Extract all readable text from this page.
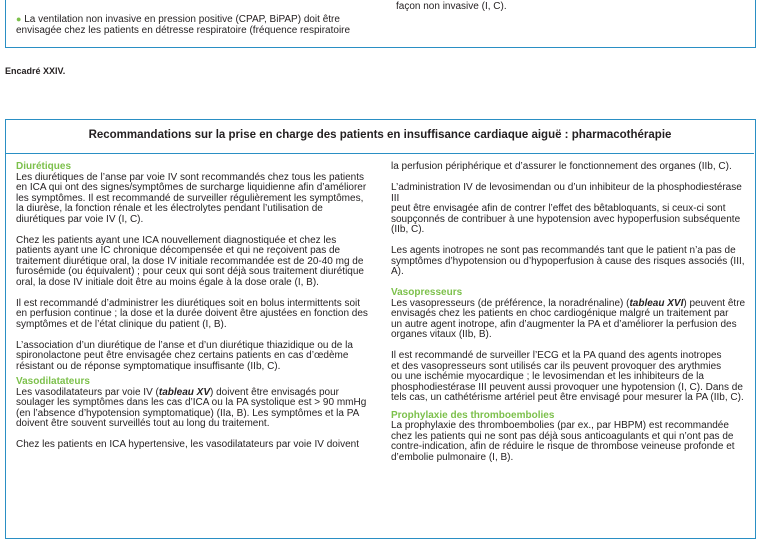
● La ventilation non invasive en pression positive (CPAP, BiPAP) doit être
envisagée chez les patients en détresse respiratoire (fréquence respiratoire

façon non invasive (I, C).

Encadré XXIV.
Recommandations sur la prise en charge des patients en insuffisance cardiaque aiguë : pharmacothérapie

Diurétiques

Les diurétiques de l’anse par voie IV sont recommandés chez tous les patients
en ICA qui ont des signes/symptômes de surcharge liquidienne afin d’améliorer
les symptômes. Il est recommandé de surveiller régulièrement les symptômes,
la diurèse, la fonction rénale et les électrolytes pendant l’utilisation de
diurétiques par voie IV (I, C).

Chez les patients ayant une ICA nouvellement diagnostiquée et chez les
patients ayant une IC chronique décompensée et qui ne reçoivent pas de
traitement diurétique oral, la dose IV initiale recommandée est de 20-40 mg de
furosémide (ou équivalent) ; pour ceux qui sont déjà sous traitement diurétique
oral, la dose IV initiale doit être au moins égale à la dose orale (I, B).

Il est recommandé d’administrer les diurétiques soit en bolus intermittents soit
en perfusion continue ; la dose et la durée doivent être ajustées en fonction des
symptômes et de l’état clinique du patient (I, B).

L’association d’un diurétique de l’anse et d’un diurétique thiazidique ou de la
spironolactone peut être envisagée chez certains patients en cas d’œdème
résistant ou de réponse symptomatique insuffisante (IIb, C).

Vasodilatateurs

Les vasodilatateurs par voie IV (tableau XV) doivent être envisagés pour
soulager les symptômes dans les cas d’ICA ou la PA systolique est > 90 mmHg
(en l’absence d’hypotension symptomatique) (IIa, B). Les symptômes et la PA
doivent être souvent surveillés tout au long du traitement.

Chez les patients en ICA hypertensive, les vasodilatateurs par voie IV doivent

la perfusion périphérique et d’assurer le fonctionnement des organes (IIb, C).

L’administration IV de levosimendan ou d’un inhibiteur de la phosphodiestérase III
peut être envisagée afin de contrer l’effet des bêtabloquants, si ceux-ci sont
soupçonnés de contribuer à une hypotension avec hypoperfusion subséquente
(IIb, C).

Les agents inotropes ne sont pas recommandés tant que le patient n’a pas de
symptômes d’hypotension ou d’hypoperfusion à cause des risques associés (III, A).

Vasopresseurs

Les vasopresseurs (de préférence, la noradrénaline) (tableau XVI) peuvent être
envisagés chez les patients en choc cardiogénique malgré un traitement par
un autre agent inotrope, afin d’augmenter la PA et d’améliorer la perfusion des
organes vitaux (IIb, B).

Il est recommandé de surveiller l’ECG et la PA quand des agents inotropes
et des vasopresseurs sont utilisés car ils peuvent provoquer des arythmies
ou une ischémie myocardique ; le levosimendan et les inhibiteurs de la
phosphodiestérase III peuvent aussi provoquer une hypotension (I, C). Dans de
tels cas, un cathétérisme artériel peut être envisagé pour mesurer la PA (IIb, C).

Prophylaxie des thromboembolies

La prophylaxie des thromboembolies (par ex., par HBPM) est recommandée
chez les patients qui ne sont pas déjà sous anticoagulants et qui n’ont pas de
contre-indication, afin de réduire le risque de thrombose veineuse profonde et
d’embolie pulmonaire (I, B).
